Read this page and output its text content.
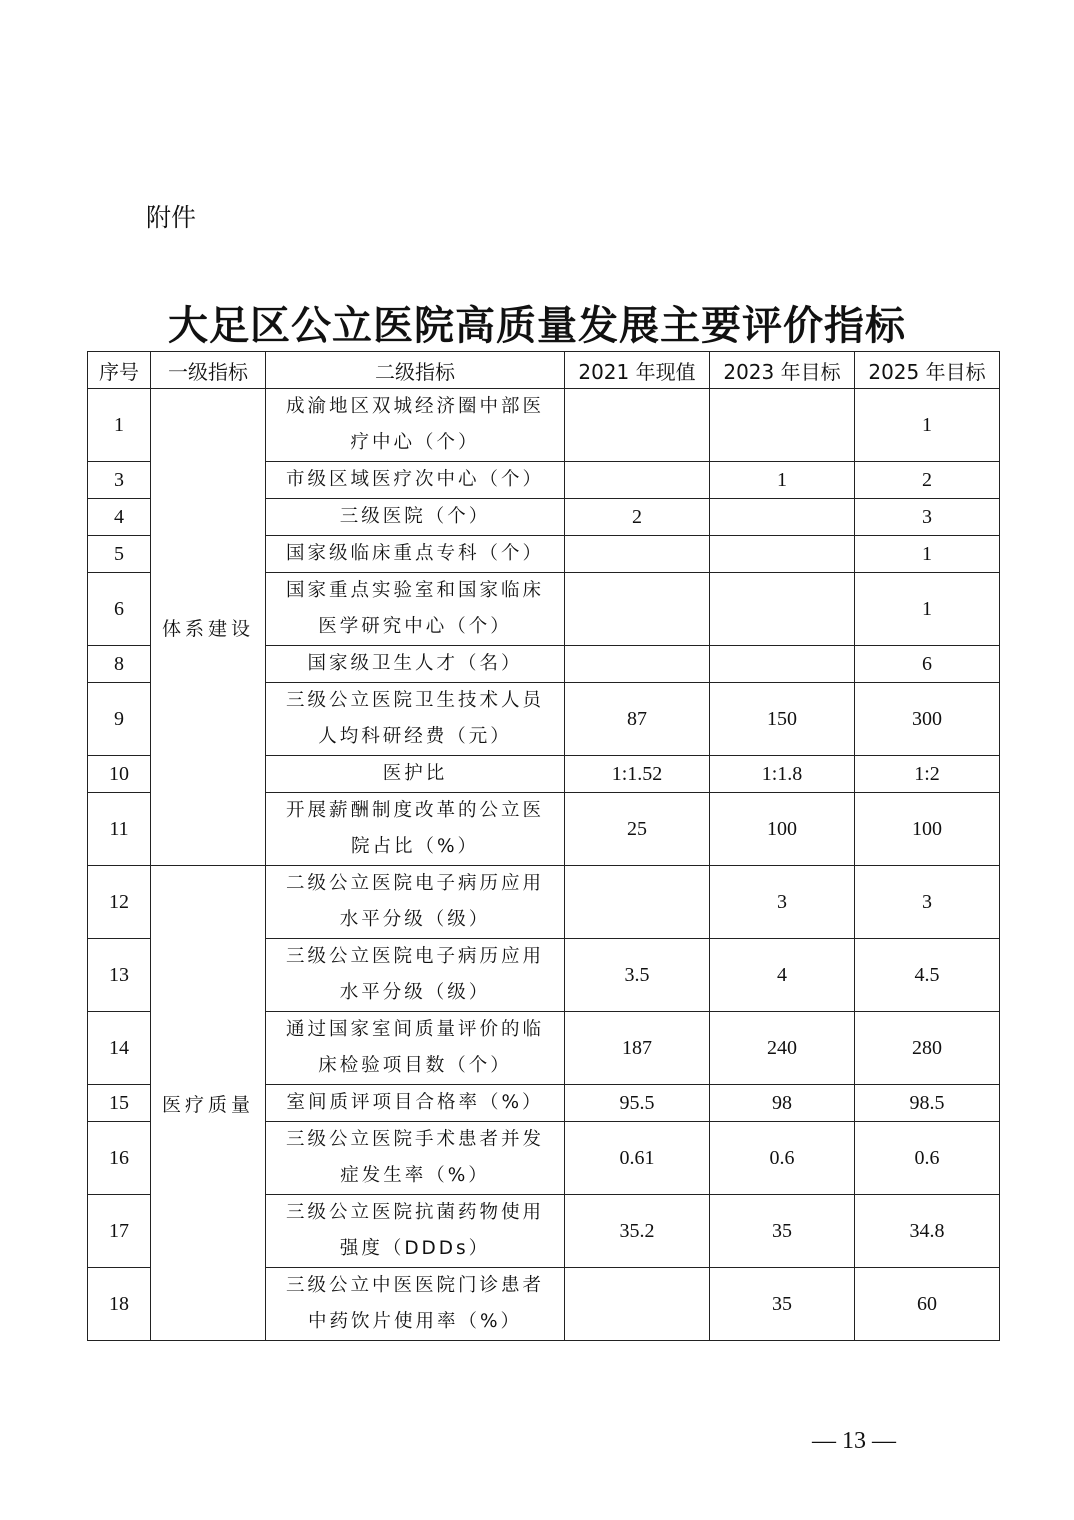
附件
大足区公立医院高质量发展主要评价指标
序号	一级指标	二级指标	2021 年现值	2023 年目标	2025 年目标
1	体系建设	成渝地区双城经济圈中部医疗中心（个）			1
3		市级区域医疗次中心（个）		1	2
4		三级医院（个）	2		3
5		国家级临床重点专科（个）			1
6		国家重点实验室和国家临床医学研究中心（个）			1
8		国家级卫生人才（名）			6
9		三级公立医院卫生技术人员人均科研经费（元）	87	150	300
10		医护比	1:1.52	1:1.8	1:2
11		开展薪酬制度改革的公立医院占比（%）	25	100	100
12	医疗质量	二级公立医院电子病历应用水平分级（级）		3	3
13		三级公立医院电子病历应用水平分级（级）	3.5	4	4.5
14		通过国家室间质量评价的临床检验项目数（个）	187	240	280
15		室间质评项目合格率（%）	95.5	98	98.5
16		三级公立医院手术患者并发症发生率（%）	0.61	0.6	0.6
17		三级公立医院抗菌药物使用强度（DDDs）	35.2	35	34.8
18		三级公立中医医院门诊患者中药饮片使用率（%）		35	60
— 13 —
